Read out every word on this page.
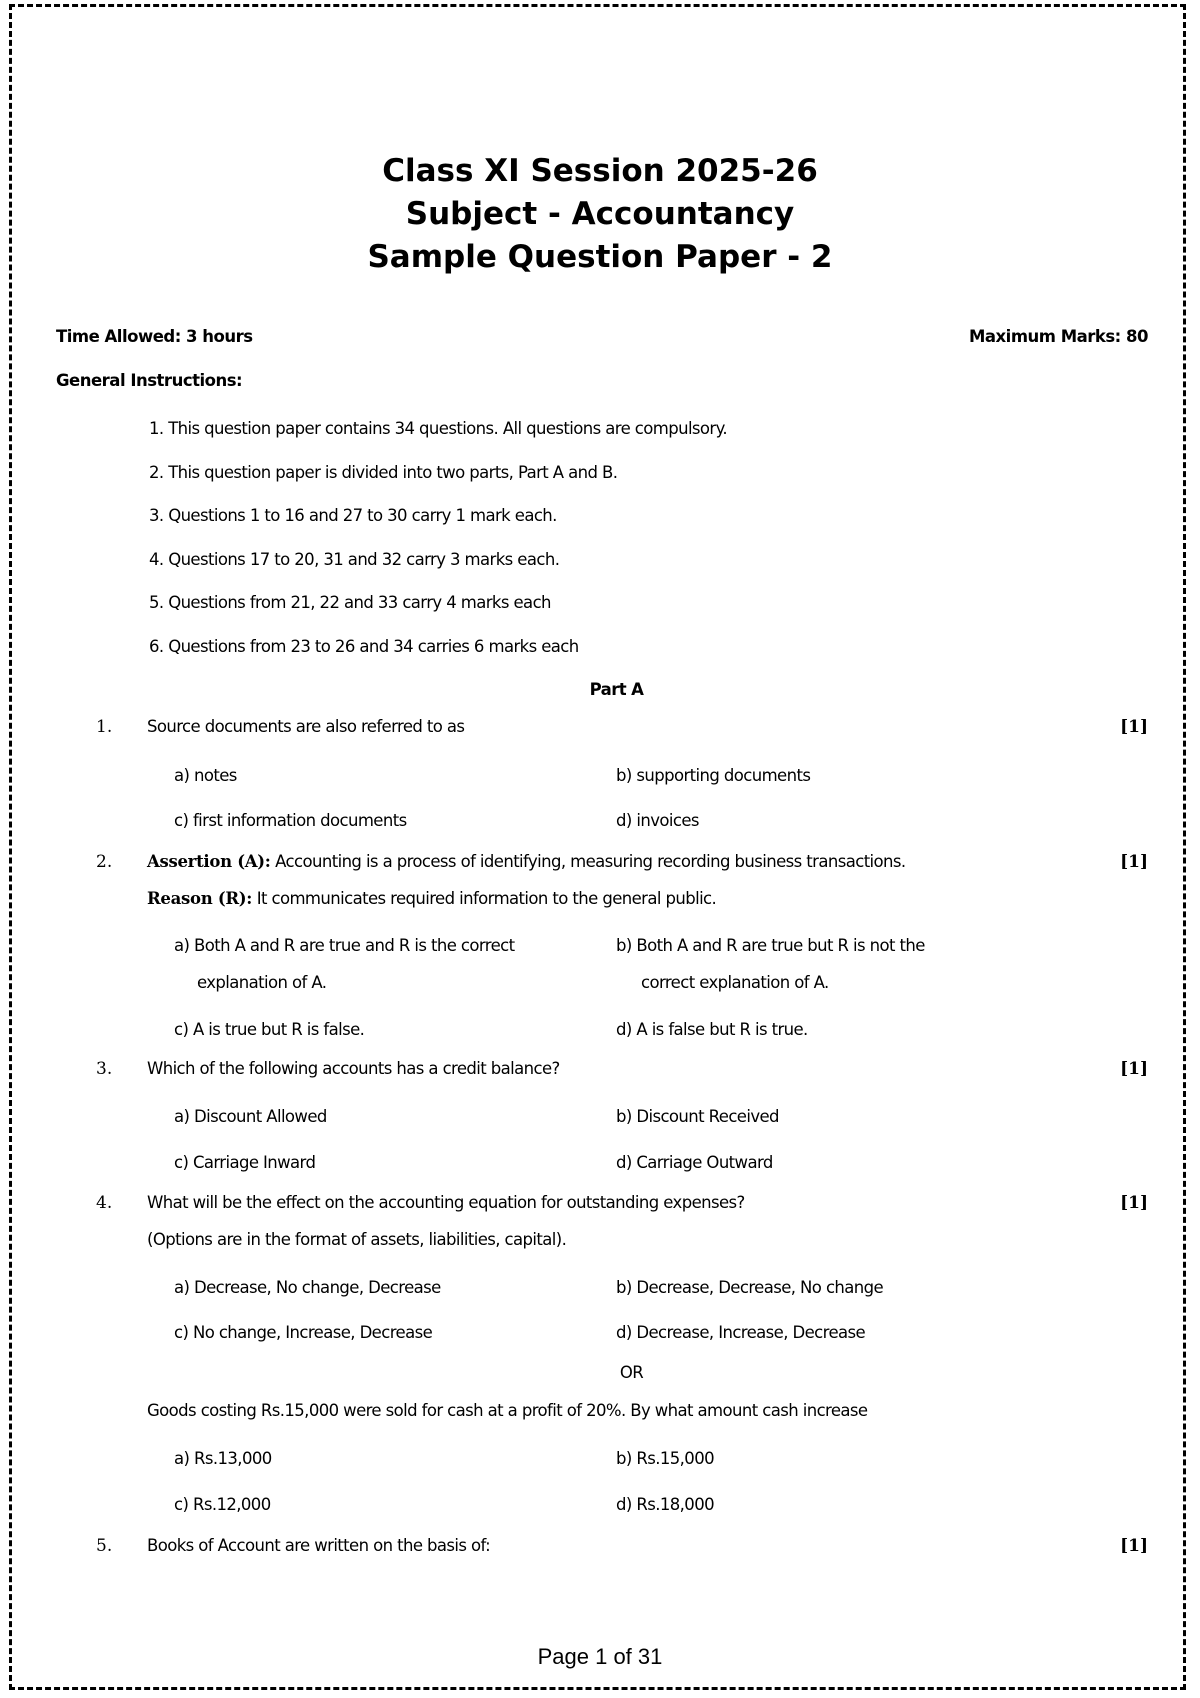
Class XI Session 2025-26
Subject - Accountancy
Sample Question Paper - 2
Time Allowed: 3 hours	Maximum Marks: 80
General Instructions:
1. This question paper contains 34 questions. All questions are compulsory.
2. This question paper is divided into two parts, Part A and B.
3. Questions 1 to 16 and 27 to 30 carry 1 mark each.
4. Questions 17 to 20, 31 and 32 carry 3 marks each.
5. Questions from 21, 22 and 33 carry 4 marks each
6. Questions from 23 to 26 and 34 carries 6 marks each
Part A
1. Source documents are also referred to as	[1]
a) notes	b) supporting documents
c) first information documents	d) invoices
2. Assertion (A): Accounting is a process of identifying, measuring recording business transactions.	[1]
Reason (R): It communicates required information to the general public.
a) Both A and R are true and R is the correct
explanation of A.
b) Both A and R are true but R is not the
correct explanation of A.
c) A is true but R is false.	d) A is false but R is true.
3. Which of the following accounts has a credit balance?	[1]
a) Discount Allowed	b) Discount Received
c) Carriage Inward	d) Carriage Outward
4. What will be the effect on the accounting equation for outstanding expenses?	[1]
(Options are in the format of assets, liabilities, capital).
a) Decrease, No change, Decrease	b) Decrease, Decrease, No change
c) No change, Increase, Decrease	d) Decrease, Increase, Decrease
OR
Goods costing Rs.15,000 were sold for cash at a profit of 20%. By what amount cash increase
a) Rs.13,000	b) Rs.15,000
c) Rs.12,000	d) Rs.18,000
5. Books of Account are written on the basis of:	[1]
Page 1 of 31
